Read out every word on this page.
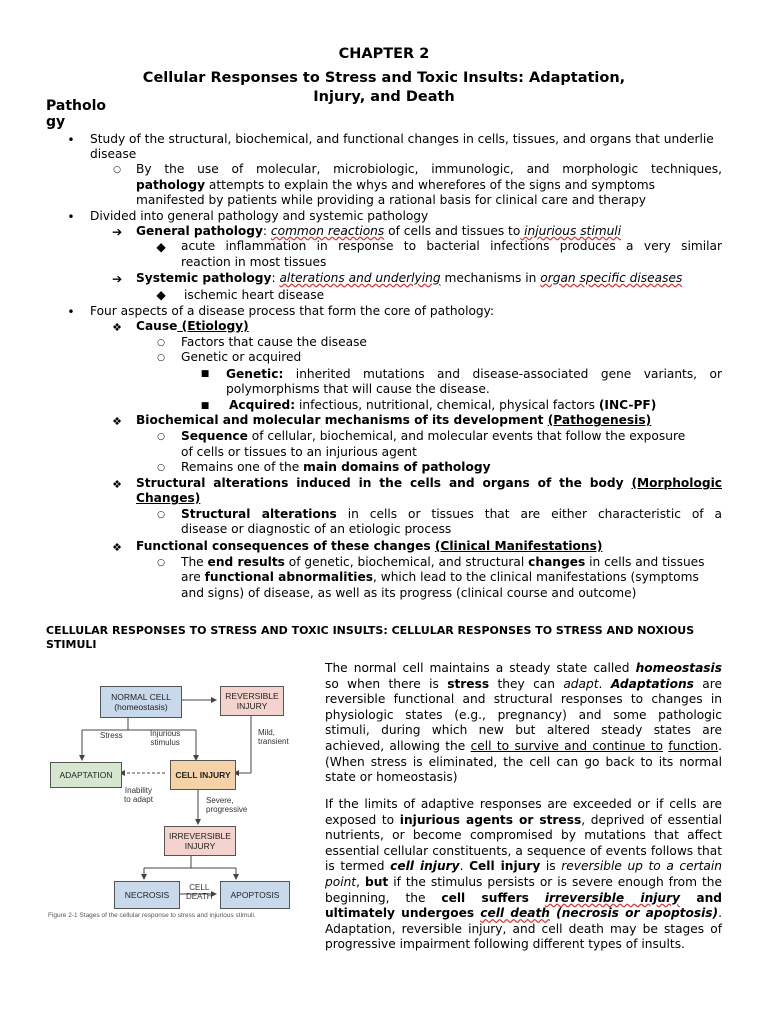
CHAPTER 2
Cellular Responses to Stress and Toxic Insults: Adaptation,
Injury, and Death
Patholo
gy
• Study of the structural, biochemical, and functional changes in cells, tissues, and organs that underlie
disease
○ By the use of molecular, microbiologic, immunologic, and morphologic techniques,
pathology attempts to explain the whys and wherefores of the signs and symptoms
manifested by patients while providing a rational basis for clinical care and therapy
• Divided into general pathology and systemic pathology
➔ General pathology: common reactions of cells and tissues to injurious stimuli
◆ acute inflammation in response to bacterial infections produces a very similar
reaction in most tissues
➔ Systemic pathology: alterations and underlying mechanisms in organ specific diseases
◆ ischemic heart disease
• Four aspects of a disease process that form the core of pathology:
❖ Cause (Etiology)
○ Factors that cause the disease
○ Genetic or acquired
■ Genetic: inherited mutations and disease-associated gene variants, or
polymorphisms that will cause the disease.
■ Acquired: infectious, nutritional, chemical, physical factors (INC-PF)
❖ Biochemical and molecular mechanisms of its development (Pathogenesis)
○ Sequence of cellular, biochemical, and molecular events that follow the exposure
of cells or tissues to an injurious agent
○ Remains one of the main domains of pathology
❖ Structural alterations induced in the cells and organs of the body (Morphologic
Changes)
○ Structural alterations in cells or tissues that are either characteristic of a
disease or diagnostic of an etiologic process
❖ Functional consequences of these changes (Clinical Manifestations)
○ The end results of genetic, biochemical, and structural changes in cells and tissues
are functional abnormalities, which lead to the clinical manifestations (symptoms
and signs) of disease, as well as its progress (clinical course and outcome)
CELLULAR RESPONSES TO STRESS AND TOXIC INSULTS: CELLULAR RESPONSES TO STRESS AND NOXIOUS
STIMULI
NORMAL CELL
(homeostasis)
REVERSIBLE
INJURY
ADAPTATION	CELL INJURY
IRREVERSIBLE
INJURY
NECROSIS	APOPTOSIS
Stress	Injurious
stimulus
Mild,
transient
Inability
to adapt	Severe,
progressive
CELL
DEATH
Figure 2-1 Stages of the cellular response to stress and injurious stimuli.
The normal cell maintains a steady state called homeostasis so when there is stress they can adapt. Adaptations are reversible functional and structural responses to changes in physiologic states (e.g., pregnancy) and some pathologic stimuli, during which new but altered steady states are achieved, allowing the cell to survive and continue to function. (When stress is eliminated, the cell can go back to its normal state or homeostasis)
If the limits of adaptive responses are exceeded or if cells are exposed to injurious agents or stress, deprived of essential nutrients, or become compromised by mutations that affect essential cellular constituents, a sequence of events follows that is termed cell injury. Cell injury is reversible up to a certain point, but if the stimulus persists or is severe enough from the beginning, the cell suffers irreversible injury and ultimately undergoes cell death (necrosis or apoptosis). Adaptation, reversible injury, and cell death may be stages of progressive impairment following different types of insults.
